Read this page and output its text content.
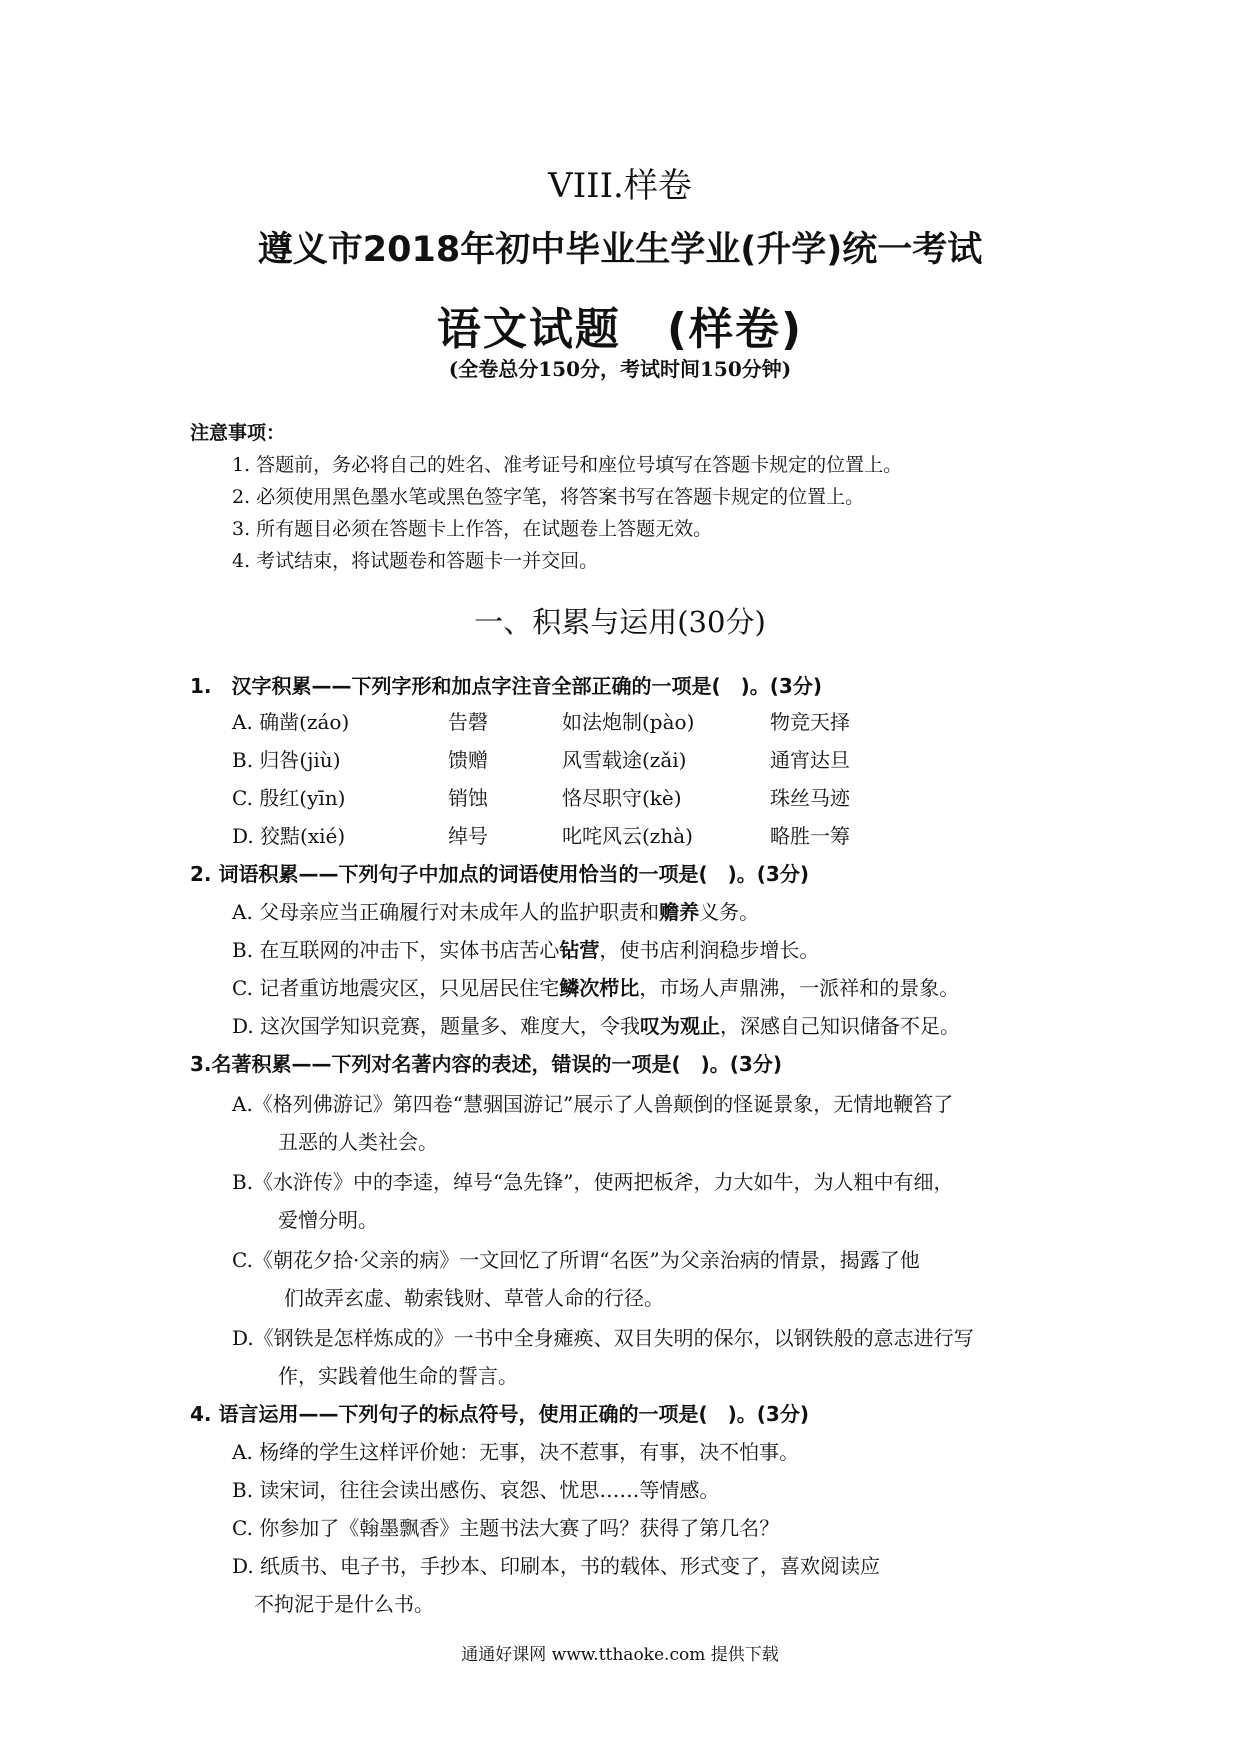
VIII.样卷
遵义市2018年初中毕业生学业(升学)统一考试
语文试题　(样卷)
(全卷总分150分，考试时间150分钟)
注意事项：
1. 答题前，务必将自己的姓名、准考证号和座位号填写在答题卡规定的位置上。
2. 必须使用黑色墨水笔或黑色签字笔，将答案书写在答题卡规定的位置上。
3. 所有题目必须在答题卡上作答，在试题卷上答题无效。
4. 考试结束，将试题卷和答题卡一并交回。
一、积累与运用(30分)
1.　汉字积累——下列字形和加点字注音全部正确的一项是(　)。(3分)
A. 确凿(záo)	告磬	如法炮制(pào)	物竞天择
B. 归咎(jiù)	馈赠	风雪载途(zǎi)	通宵达旦
C. 殷红(yīn)	销蚀	恪尽职守(kè)	珠丝马迹
D. 狡黠(xié)	绰号	叱咤风云(zhà)	略胜一筹
2. 词语积累——下列句子中加点的词语使用恰当的一项是(　)。(3分)
A. 父母亲应当正确履行对未成年人的监护职责和赡养义务。
B. 在互联网的冲击下，实体书店苦心钻营，使书店利润稳步增长。
C. 记者重访地震灾区，只见居民住宅鳞次栉比，市场人声鼎沸，一派祥和的景象。
D. 这次国学知识竞赛，题量多、难度大，令我叹为观止，深感自己知识储备不足。
3.名著积累——下列对名著内容的表述，错误的一项是(　)。(3分)
A.《格列佛游记》第四卷“慧骃国游记”展示了人兽颠倒的怪诞景象，无情地鞭笞了
丑恶的人类社会。
B.《水浒传》中的李逵，绰号“急先锋”，使两把板斧，力大如牛，为人粗中有细，
爱憎分明。
C.《朝花夕拾·父亲的病》一文回忆了所谓“名医”为父亲治病的情景，揭露了他
们故弄玄虚、勒索钱财、草菅人命的行径。
D.《钢铁是怎样炼成的》一书中全身瘫痪、双目失明的保尔，以钢铁般的意志进行写
作，实践着他生命的誓言。
4. 语言运用——下列句子的标点符号，使用正确的一项是(　)。(3分)
A. 杨绛的学生这样评价她：无事，决不惹事，有事，决不怕事。
B. 读宋词，往往会读出感伤、哀怨、忧思……等情感。
C. 你参加了《翰墨飘香》主题书法大赛了吗？获得了第几名？
D. 纸质书、电子书，手抄本、印刷本，书的载体、形式变了，喜欢阅读应
不拘泥于是什么书。
通通好课网 www.tthaoke.com 提供下载
